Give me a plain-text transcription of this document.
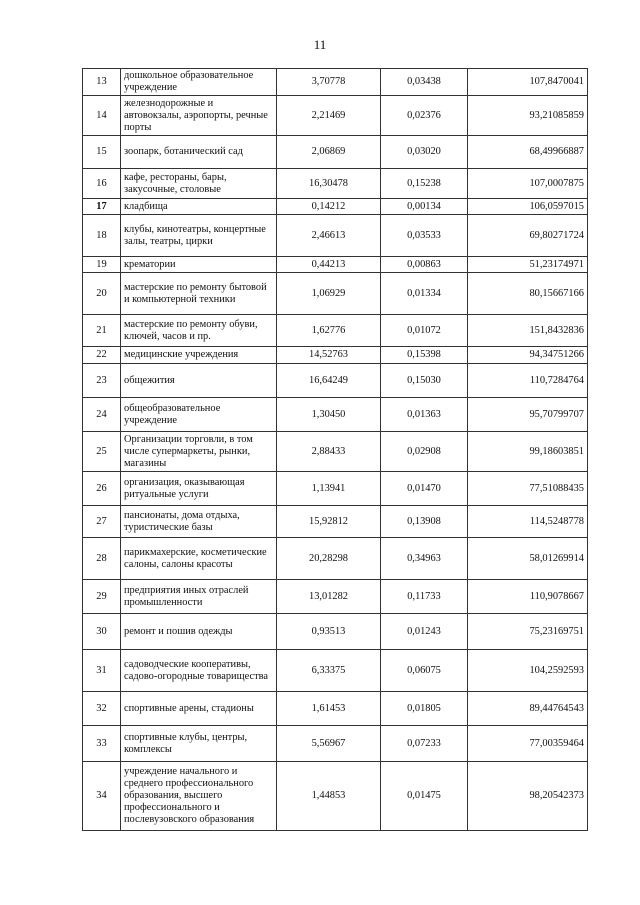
11
13	дошкольное образовательное учреждение	3,70778	0,03438	107,8470041
14	железнодорожные и автовокзалы, аэропорты, речные порты	2,21469	0,02376	93,21085859
15	зоопарк, ботанический сад	2,06869	0,03020	68,49966887
16	кафе, рестораны, бары, закусочные, столовые	16,30478	0,15238	107,0007875
17	кладбища	0,14212	0,00134	106,0597015
18	клубы, кинотеатры, концертные залы, театры, цирки	2,46613	0,03533	69,80271724
19	крематории	0,44213	0,00863	51,23174971
20	мастерские по ремонту бытовой и компьютерной техники	1,06929	0,01334	80,15667166
21	мастерские по ремонту обуви, ключей, часов и пр.	1,62776	0,01072	151,8432836
22	медицинские учреждения	14,52763	0,15398	94,34751266
23	общежития	16,64249	0,15030	110,7284764
24	общеобразовательное учреждение	1,30450	0,01363	95,70799707
25	Организации торговли, в том числе супермаркеты, рынки, магазины	2,88433	0,02908	99,18603851
26	организация, оказывающая ритуальные услуги	1,13941	0,01470	77,51088435
27	пансионаты, дома отдыха, туристические базы	15,92812	0,13908	114,5248778
28	парикмахерские, косметические салоны, салоны красоты	20,28298	0,34963	58,01269914
29	предприятия иных отраслей промышленности	13,01282	0,11733	110,9078667
30	ремонт и пошив одежды	0,93513	0,01243	75,23169751
31	садоводческие кооперативы, садово-огородные товарищества	6,33375	0,06075	104,2592593
32	спортивные арены, стадионы	1,61453	0,01805	89,44764543
33	спортивные клубы, центры, комплексы	5,56967	0,07233	77,00359464
34	учреждение начального и среднего профессионального образования, высшего профессионального и послевузовского образования	1,44853	0,01475	98,20542373
